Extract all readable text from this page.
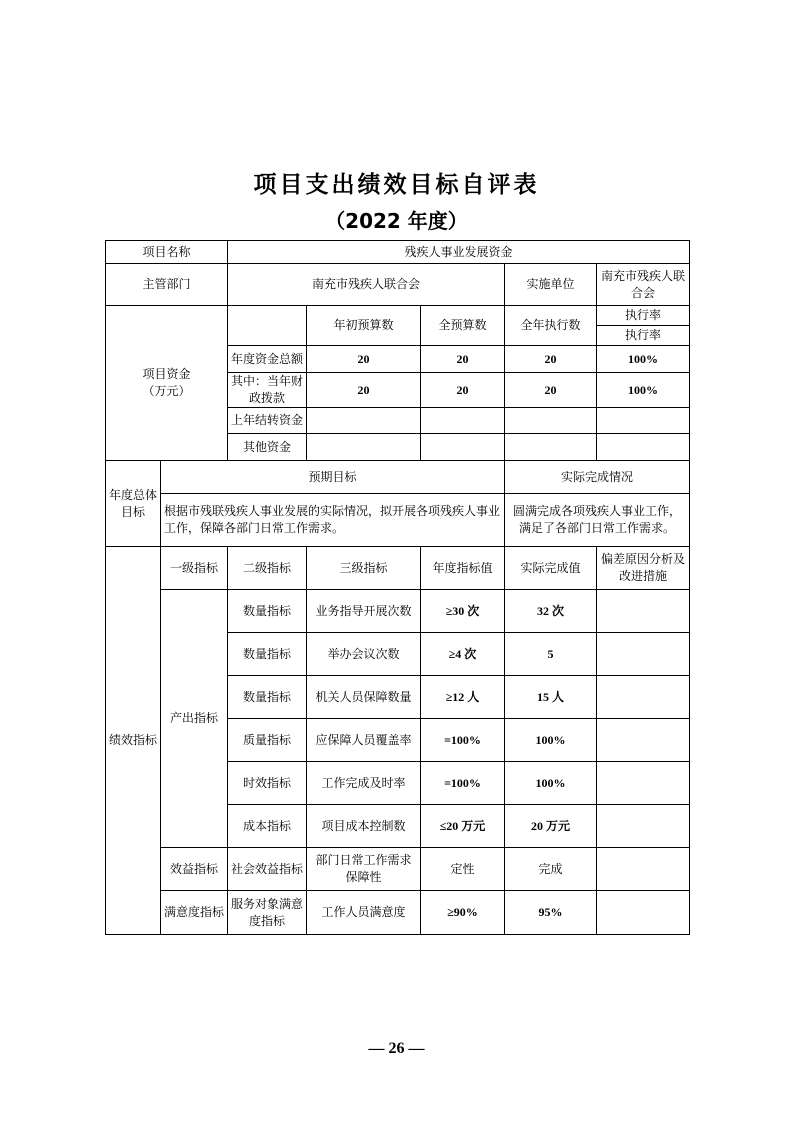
项目支出绩效目标自评表
（2022 年度）
项目名称		残疾人事业发展资金				
主管部门		南充市残疾人联合会			实施单位	南充市残疾人联合会
项目资金（万元）			年初预算数	全预算数	全年执行数	执行率
执行率

		年度资金总额	20	20	20	100%
		其中：当年财政拨款	20	20	20	100%
		上年结转资金				
		其他资金				
年度总体目标	预期目标				实际完成情况	
	根据市残联残疾人事业发展的实际情况，拟开展各项残疾人事业工作，保障各部门日常工作需求。				圆满完成各项残疾人事业工作，满足了各部门日常工作需求。	
绩效指标	一级指标	二级指标	三级指标	年度指标值	实际完成值	偏差原因分析及改进措施
	产出指标	数量指标	业务指导开展次数	≥30 次	32 次	
		数量指标	举办会议次数	≥4 次	5	
		数量指标	机关人员保障数量	≥12 人	15 人	
		质量指标	应保障人员覆盖率	=100%	100%	
		时效指标	工作完成及时率	=100%	100%	
		成本指标	项目成本控制数	≤20 万元	20 万元	
	效益指标	社会效益指标	部门日常工作需求保障性	定性	完成	
	满意度指标	服务对象满意度指标	工作人员满意度	≥90%	95%	
— 26 —
